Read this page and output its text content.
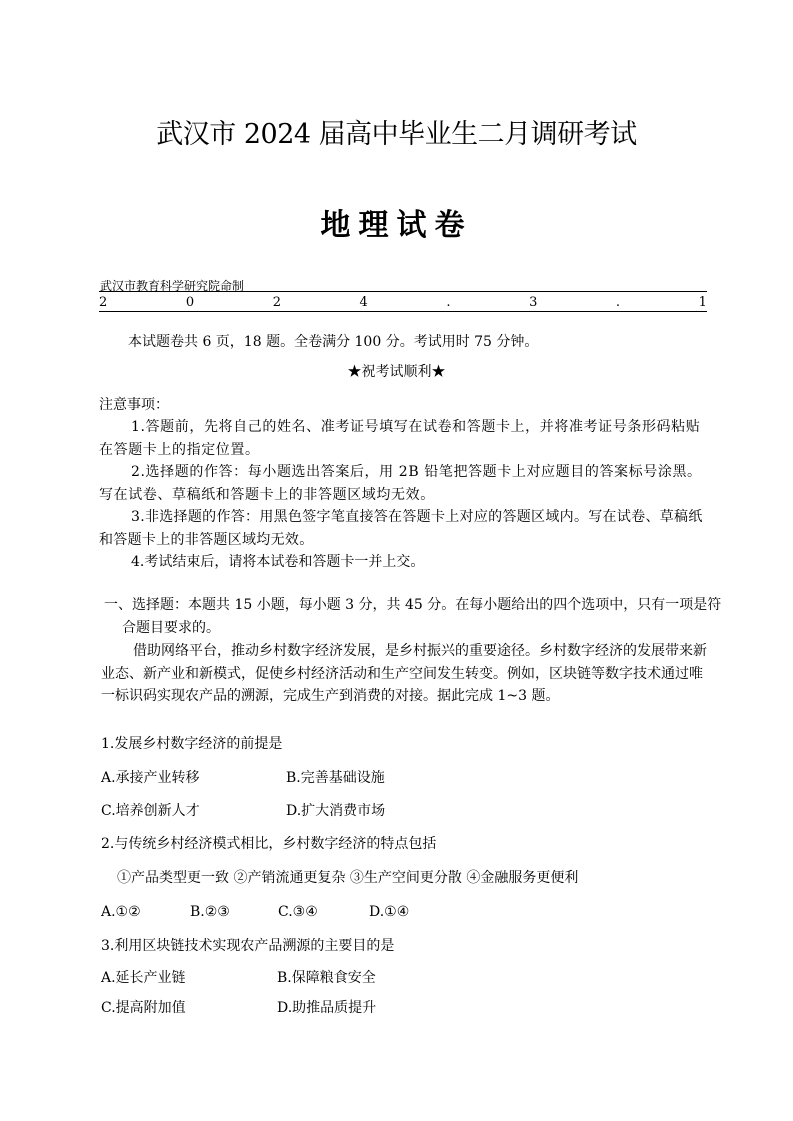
武汉市 2024 届高中毕业生二月调研考试
地理试卷
武汉市教育科学研究院命制
2	0	2	4	.	3	.	1
本试题卷共 6 页，18 题。全卷满分 100 分。考试用时 75 分钟。
★祝考试顺利★
注意事项：
1.答题前，先将自己的姓名、准考证号填写在试卷和答题卡上，并将准考证号条形码粘贴在答题卡上的指定位置。
2.选择题的作答：每小题选出答案后，用 2B 铅笔把答题卡上对应题目的答案标号涂黑。写在试卷、草稿纸和答题卡上的非答题区域均无效。
3.非选择题的作答：用黑色签字笔直接答在答题卡上对应的答题区域内。写在试卷、草稿纸和答题卡上的非答题区域均无效。
4.考试结束后，请将本试卷和答题卡一并上交。
一、选择题：本题共 15 小题，每小题 3 分，共 45 分。在每小题给出的四个选项中，只有一项是符合题目要求的。
借助网络平台，推动乡村数字经济发展，是乡村振兴的重要途径。乡村数字经济的发展带来新业态、新产业和新模式，促使乡村经济活动和生产空间发生转变。例如，区块链等数字技术通过唯一标识码实现农产品的溯源，完成生产到消费的对接。据此完成 1~3 题。
1.发展乡村数字经济的前提是
A.承接产业转移	B.完善基础设施
C.培养创新人才	D.扩大消费市场
2.与传统乡村经济模式相比，乡村数字经济的特点包括
①产品类型更一致 ②产销流通更复杂 ③生产空间更分散 ④金融服务更便利
A.①②	B.②③	C.③④	D.①④
3.利用区块链技术实现农产品溯源的主要目的是
A.延长产业链	B.保障粮食安全
C.提高附加值	D.助推品质提升
